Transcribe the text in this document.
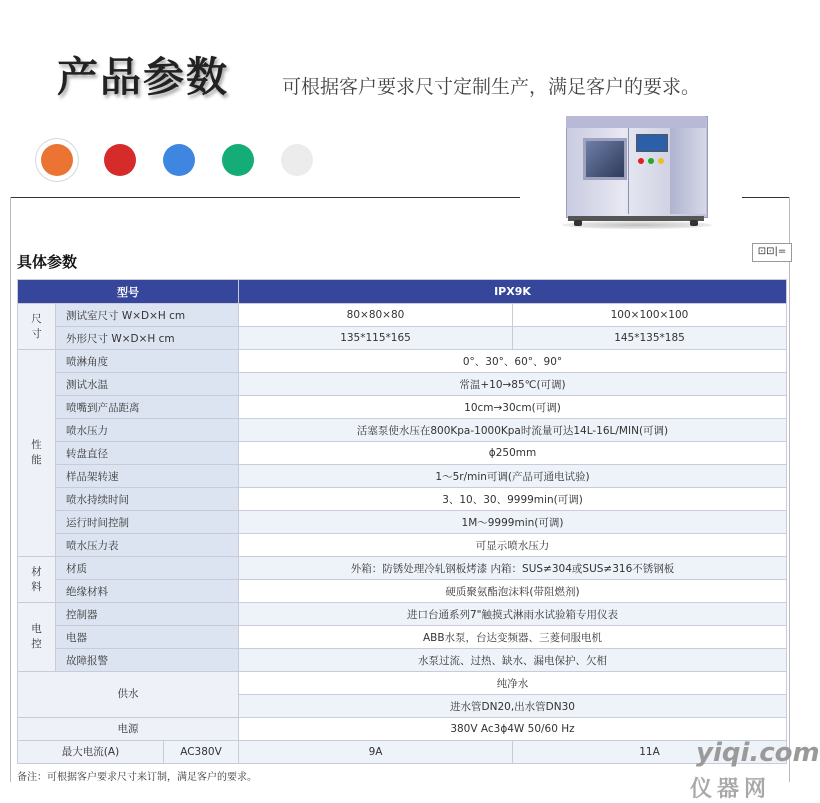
产品参数	可根据客户要求尺寸定制生产，满足客户的要求。
⊡⊡|=
具体参数
型号			IPX9K	
尺
寸	测试室尺寸 W×D×H cm		80×80×80	100×100×100
	外形尺寸 W×D×H cm		135*115*165	145*135*185
性
能	喷淋角度		0°、30°、60°、90°	
	测试水温		常温+10→85℃(可调)	
	喷嘴到产品距离		10cm→30cm(可调)	
	喷水压力		活塞泵使水压在800Kpa-1000Kpa时流量可达14L-16L/MIN(可调)	
	转盘直径		ϕ250mm	
	样品架转速		1～5r/min可调(产品可通电试验)	
	喷水持续时间		3、10、30、9999min(可调)	
	运行时间控制		1M～9999min(可调)	
	喷水压力表		可显示喷水压力	
材
料	材质		外箱：防锈处理冷轧钢板烤漆 内箱：SUS≠304或SUS≠316不锈钢板	
	绝缘材料		硬质聚氨酯泡沫料(带阻燃剂)	
电
控	控制器		进口台通系列7"触摸式淋雨水试验箱专用仪表	
	电器		ABB水泵，台达变频器、三菱伺服电机	
	故障报警		水泵过流、过热、缺水、漏电保护、欠相	
供水			纯净水	
			进水管DN20,出水管DN30	
电源			380V Ac3ϕ4W 50/60 Hz	
最大电流(A)		AC380V	9A	11A
备注：可根据客户要求尺寸来订制，满足客户的要求。
yiqi.com
仪器网
